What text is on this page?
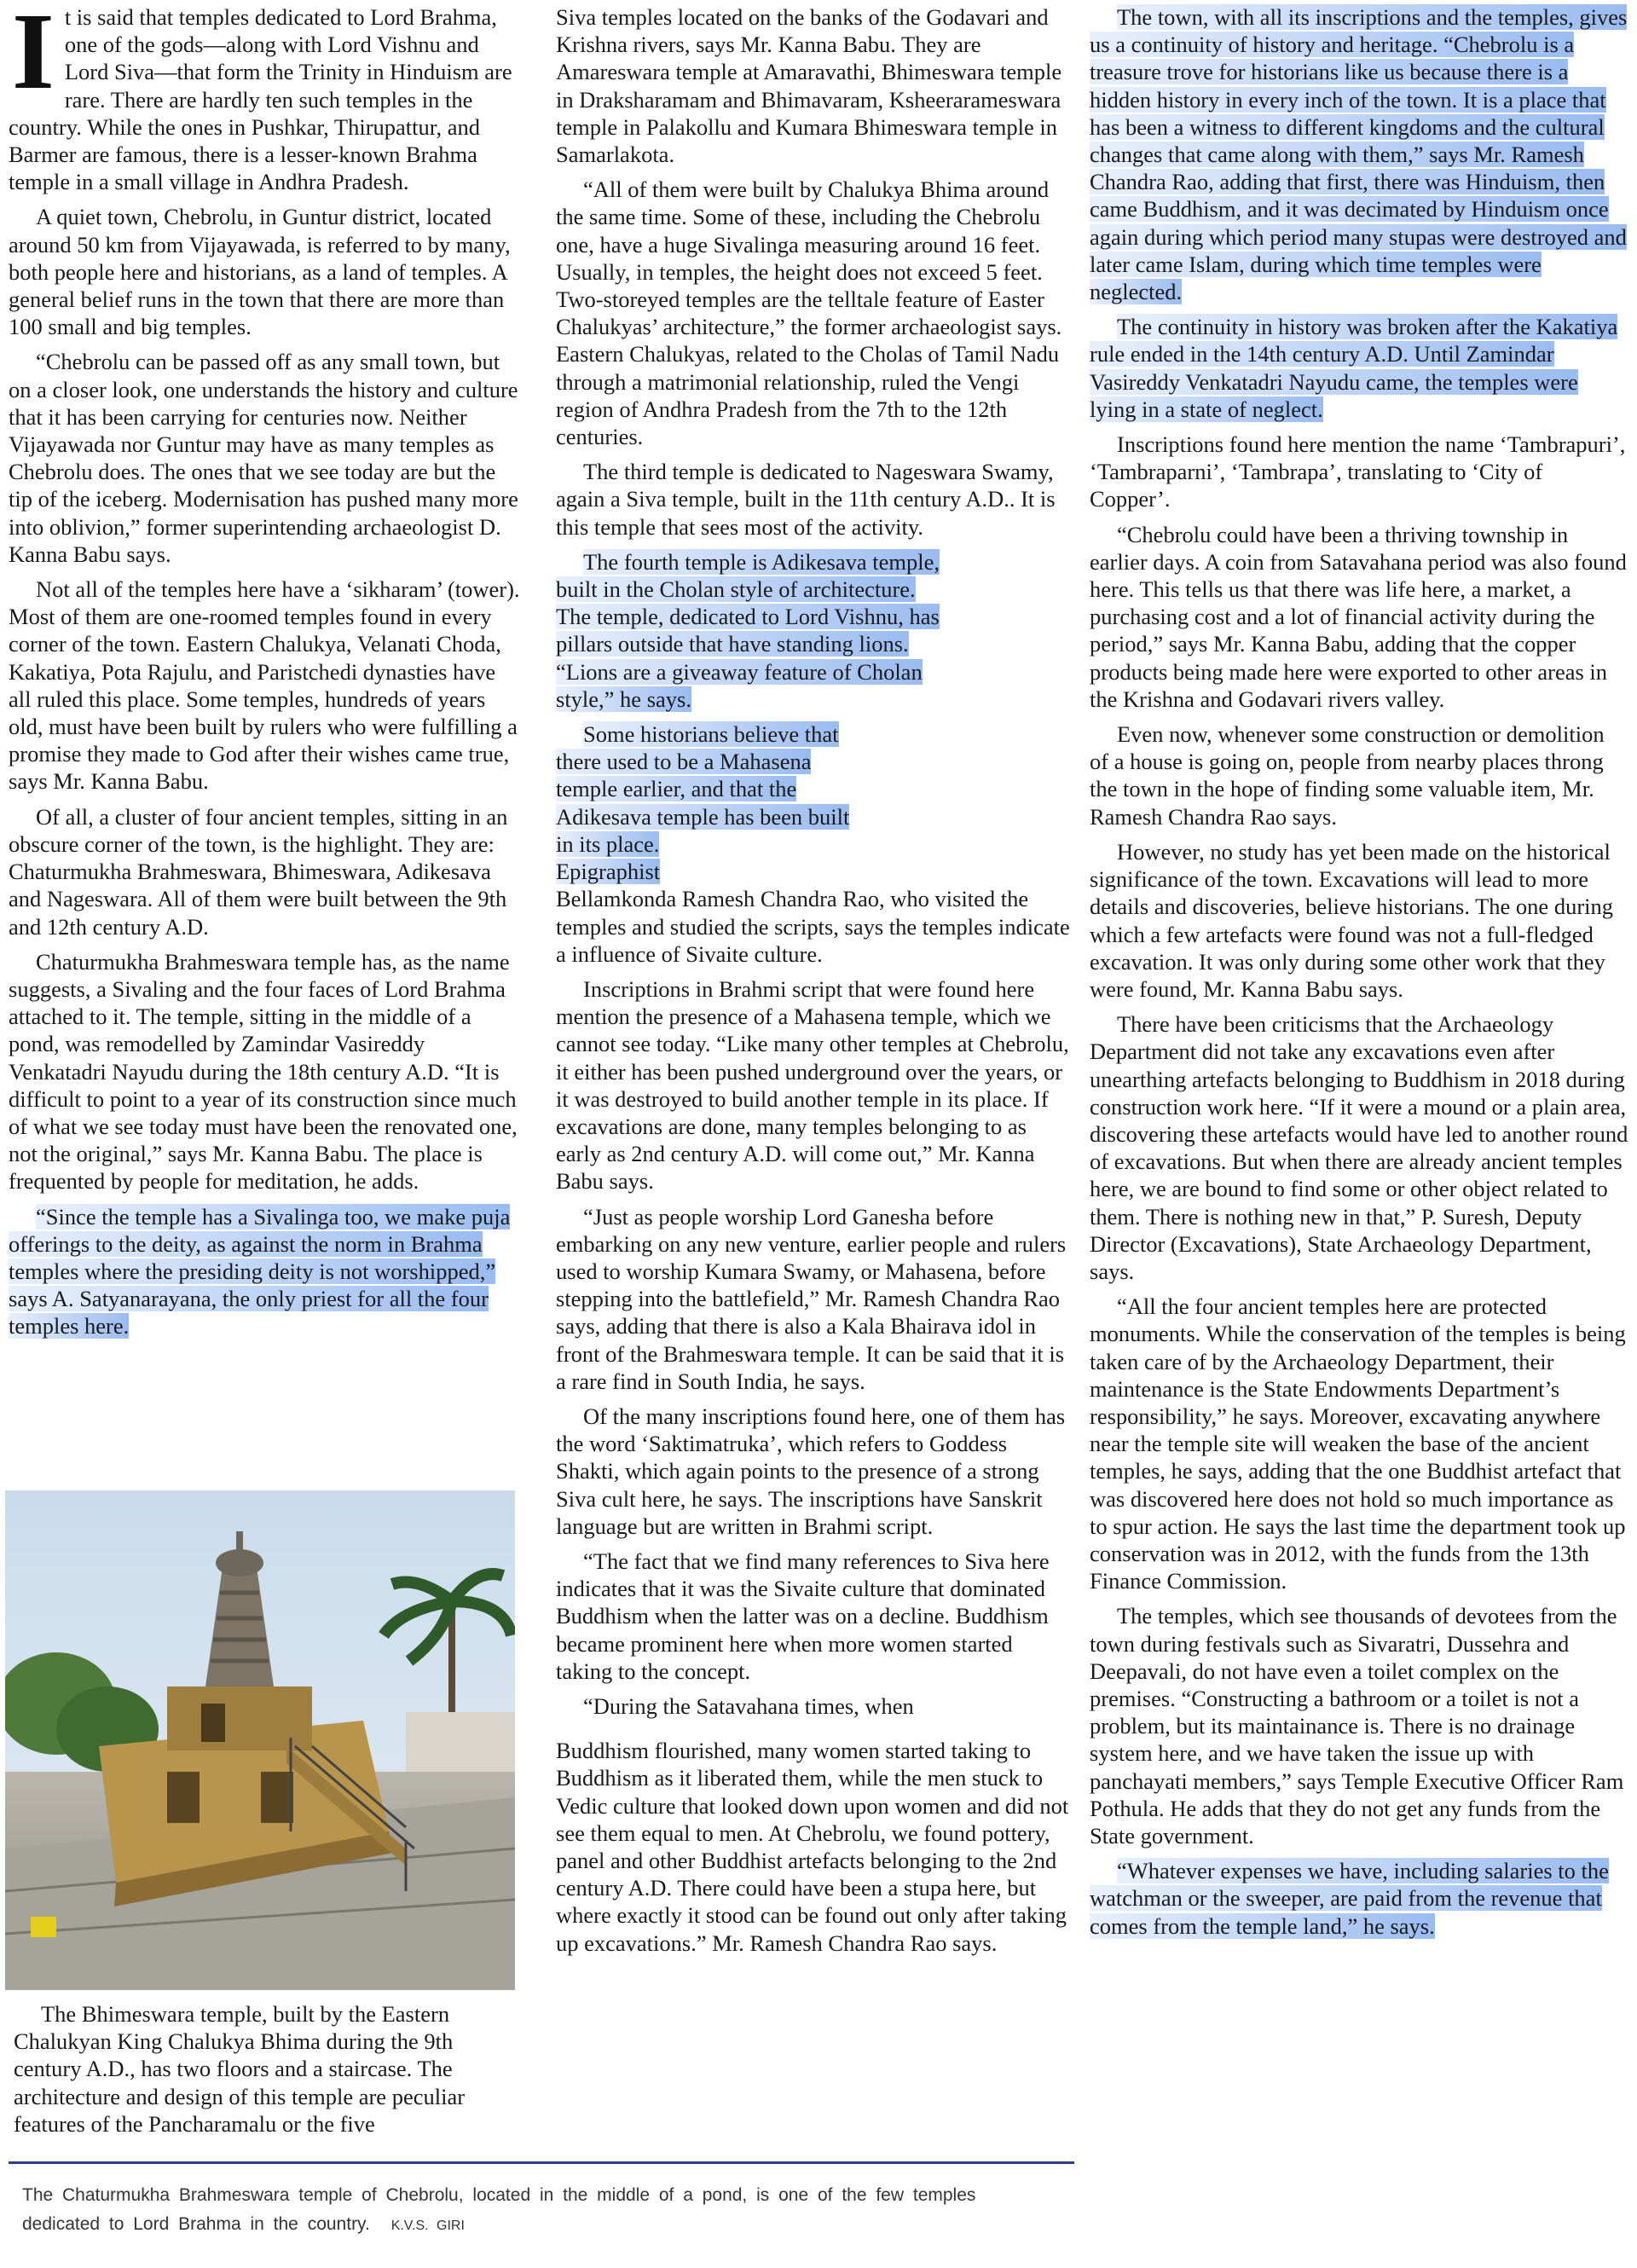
It is said that temples dedicated to Lord Brahma, one of the gods—along with Lord Vishnu and Lord Siva—that form the Trinity in Hinduism are rare. There are hardly ten such temples in the country. While the ones in Pushkar, Thirupattur, and Barmer are famous, there is a lesser-known Brahma temple in a small village in Andhra Pradesh.

A quiet town, Chebrolu, in Guntur district, located around 50 km from Vijayawada, is referred to by many, both people here and historians, as a land of temples. A general belief runs in the town that there are more than 100 small and big temples.

“Chebrolu can be passed off as any small town, but on a closer look, one understands the history and culture that it has been carrying for centuries now. Neither Vijayawada nor Guntur may have as many temples as Chebrolu does. The ones that we see today are but the tip of the iceberg. Modernisation has pushed many more into oblivion,” former superintending archaeologist D. Kanna Babu says.

Not all of the temples here have a ‘sikharam’ (tower). Most of them are one-roomed temples found in every corner of the town. Eastern Chalukya, Velanati Choda, Kakatiya, Pota Rajulu, and Paristchedi dynasties have all ruled this place. Some temples, hundreds of years old, must have been built by rulers who were fulfilling a promise they made to God after their wishes came true, says Mr. Kanna Babu.

Of all, a cluster of four ancient temples, sitting in an obscure corner of the town, is the highlight. They are: Chaturmukha Brahmeswara, Bhimeswara, Adikesava and Nageswara. All of them were built between the 9th and 12th century A.D.

Chaturmukha Brahmeswara temple has, as the name suggests, a Sivaling and the four faces of Lord Brahma attached to it. The temple, sitting in the middle of a pond, was remodelled by Zamindar Vasireddy Venkatadri Nayudu during the 18th century A.D. “It is difficult to point to a year of its construction since much of what we see today must have been the renovated one, not the original,” says Mr. Kanna Babu. The place is frequented by people for meditation, he adds.

“Since the temple has a Sivalinga too, we make puja offerings to the deity, as against the norm in Brahma temples where the presiding deity is not worshipped,” says A. Satyanarayana, the only priest for all the four temples here.

The Bhimeswara temple, built by the Eastern Chalukyan King Chalukya Bhima during the 9th century A.D., has two floors and a staircase. The architecture and design of this temple are peculiar features of the Pancharamalu or the five

Siva temples located on the banks of the Godavari and Krishna rivers, says Mr. Kanna Babu. They are Amareswara temple at Amaravathi, Bhimeswara temple in Draksharamam and Bhimavaram, Ksheerarameswara temple in Palakollu and Kumara Bhimeswara temple in Samarlakota.

“All of them were built by Chalukya Bhima around the same time. Some of these, including the Chebrolu one, have a huge Sivalinga measuring around 16 feet. Usually, in temples, the height does not exceed 5 feet. Two-storeyed temples are the telltale feature of Easter Chalukyas’ architecture,” the former archaeologist says. Eastern Chalukyas, related to the Cholas of Tamil Nadu through a matrimonial relationship, ruled the Vengi region of Andhra Pradesh from the 7th to the 12th centuries.

The third temple is dedicated to Nageswara Swamy, again a Siva temple, built in the 11th century A.D.. It is this temple that sees most of the activity.

The fourth temple is Adikesava temple, built in the Cholan style of architecture. The temple, dedicated to Lord Vishnu, has pillars outside that have standing lions. “Lions are a giveaway feature of Cholan style,” he says.

Some historians believe that there used to be a Mahasena temple earlier, and that the Adikesava temple has been built in its place.

Epigraphist

Bellamkonda Ramesh Chandra Rao, who visited the temples and studied the scripts, says the temples indicate a influence of Sivaite culture.

Inscriptions in Brahmi script that were found here mention the presence of a Mahasena temple, which we cannot see today. “Like many other temples at Chebrolu, it either has been pushed underground over the years, or it was destroyed to build another temple in its place. If excavations are done, many temples belonging to as early as 2nd century A.D. will come out,” Mr. Kanna Babu says.

“Just as people worship Lord Ganesha before embarking on any new venture, earlier people and rulers used to worship Kumara Swamy, or Mahasena, before stepping into the battlefield,” Mr. Ramesh Chandra Rao says, adding that there is also a Kala Bhairava idol in front of the Brahmeswara temple. It can be said that it is a rare find in South India, he says.

Of the many inscriptions found here, one of them has the word ‘Saktimatruka’, which refers to Goddess Shakti, which again points to the presence of a strong Siva cult here, he says. The inscriptions have Sanskrit language but are written in Brahmi script.

“The fact that we find many references to Siva here indicates that it was the Sivaite culture that dominated Buddhism when the latter was on a decline. Buddhism became prominent here when more women started taking to the concept.

“During the Satavahana times, when

Buddhism flourished, many women started taking to Buddhism as it liberated them, while the men stuck to Vedic culture that looked down upon women and did not see them equal to men. At Chebrolu, we found pottery, panel and other Buddhist artefacts belonging to the 2nd century A.D. There could have been a stupa here, but where exactly it stood can be found out only after taking up excavations.” Mr. Ramesh Chandra Rao says.

The town, with all its inscriptions and the temples, gives us a continuity of history and heritage. “Chebrolu is a treasure trove for historians like us because there is a hidden history in every inch of the town. It is a place that has been a witness to different kingdoms and the cultural changes that came along with them,” says Mr. Ramesh Chandra Rao, adding that first, there was Hinduism, then came Buddhism, and it was decimated by Hinduism once again during which period many stupas were destroyed and later came Islam, during which time temples were neglected.

The continuity in history was broken after the Kakatiya rule ended in the 14th century A.D. Until Zamindar Vasireddy Venkatadri Nayudu came, the temples were lying in a state of neglect.

Inscriptions found here mention the name ‘Tambrapuri’, ‘Tambraparni’, ‘Tambrapa’, translating to ‘City of Copper’.

“Chebrolu could have been a thriving township in earlier days. A coin from Satavahana period was also found here. This tells us that there was life here, a market, a purchasing cost and a lot of financial activity during the period,” says Mr. Kanna Babu, adding that the copper products being made here were exported to other areas in the Krishna and Godavari rivers valley.

Even now, whenever some construction or demolition of a house is going on, people from nearby places throng the town in the hope of finding some valuable item, Mr. Ramesh Chandra Rao says.

However, no study has yet been made on the historical significance of the town. Excavations will lead to more details and discoveries, believe historians. The one during which a few artefacts were found was not a full-fledged excavation. It was only during some other work that they were found, Mr. Kanna Babu says.

There have been criticisms that the Archaeology Department did not take any excavations even after unearthing artefacts belonging to Buddhism in 2018 during construction work here. “If it were a mound or a plain area, discovering these artefacts would have led to another round of excavations. But when there are already ancient temples here, we are bound to find some or other object related to them. There is nothing new in that,” P. Suresh, Deputy Director (Excavations), State Archaeology Department, says.

“All the four ancient temples here are protected monuments. While the conservation of the temples is being taken care of by the Archaeology Department, their maintenance is the State Endowments Department’s responsibility,” he says. Moreover, excavating anywhere near the temple site will weaken the base of the ancient temples, he says, adding that the one Buddhist artefact that was discovered here does not hold so much importance as to spur action. He says the last time the department took up conservation was in 2012, with the funds from the 13th Finance Commission.

The temples, which see thousands of devotees from the town during festivals such as Sivaratri, Dussehra and Deepavali, do not have even a toilet complex on the premises. “Constructing a bathroom or a toilet is not a problem, but its maintainance is. There is no drainage system here, and we have taken the issue up with panchayati members,” says Temple Executive Officer Ram Pothula. He adds that they do not get any funds from the State government.

“Whatever expenses we have, including salaries to the watchman or the sweeper, are paid from the revenue that comes from the temple land,” he says.

The Chaturmukha Brahmeswara temple of Chebrolu, located in the middle of a pond, is one of the few temples dedicated to Lord Brahma in the country. K.V.S. GIRI
